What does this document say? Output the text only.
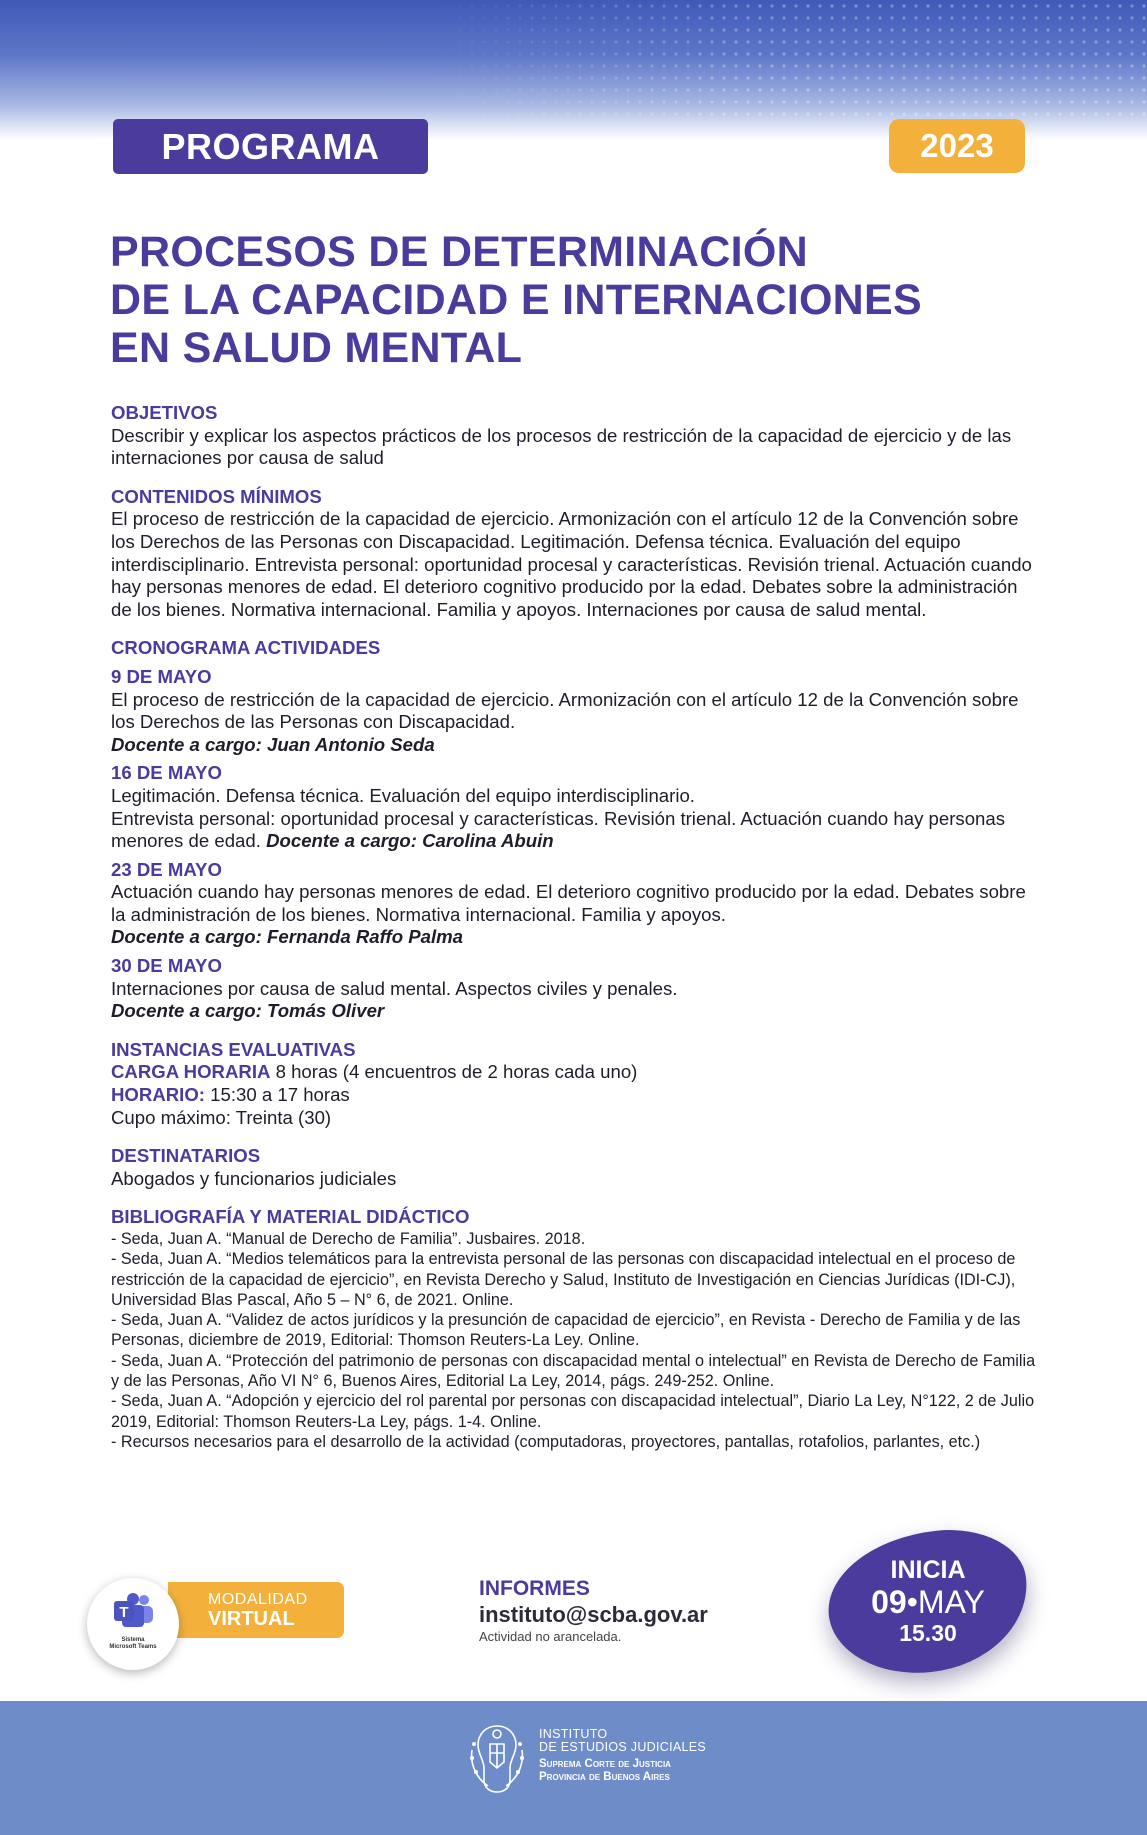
PROGRAMA	2023
PROCESOS DE DETERMINACIÓN
DE LA CAPACIDAD E INTERNACIONES
EN SALUD MENTAL
OBJETIVOS
Describir y explicar los aspectos prácticos de los procesos de restricción de la capacidad de ejercicio y de las internaciones por causa de salud
CONTENIDOS MÍNIMOS
El proceso de restricción de la capacidad de ejercicio. Armonización con el artículo 12 de la Convención sobre los Derechos de las Personas con Discapacidad. Legitimación. Defensa técnica. Evaluación del equipo interdisciplinario. Entrevista personal: oportunidad procesal y características. Revisión trienal. Actuación cuando hay personas menores de edad. El deterioro cognitivo producido por la edad. Debates sobre la administración de los bienes. Normativa internacional. Familia y apoyos. Internaciones por causa de salud mental.
CRONOGRAMA ACTIVIDADES
9 DE MAYO
El proceso de restricción de la capacidad de ejercicio. Armonización con el artículo 12 de la Convención sobre los Derechos de las Personas con Discapacidad.
Docente a cargo: Juan Antonio Seda
16 DE MAYO
Legitimación. Defensa técnica. Evaluación del equipo interdisciplinario.
Entrevista personal: oportunidad procesal y características. Revisión trienal. Actuación cuando hay personas menores de edad. Docente a cargo: Carolina Abuin
23 DE MAYO
Actuación cuando hay personas menores de edad. El deterioro cognitivo producido por la edad. Debates sobre la administración de los bienes. Normativa internacional. Familia y apoyos.
Docente a cargo: Fernanda Raffo Palma
30 DE MAYO
Internaciones por causa de salud mental. Aspectos civiles y penales.
Docente a cargo: Tomás Oliver
INSTANCIAS EVALUATIVAS
CARGA HORARIA 8 horas (4 encuentros de 2 horas cada uno)
HORARIO: 15:30 a 17 horas
Cupo máximo: Treinta (30)
DESTINATARIOS
Abogados y funcionarios judiciales
BIBLIOGRAFÍA Y MATERIAL DIDÁCTICO
- Seda, Juan A. “Manual de Derecho de Familia”. Jusbaires. 2018.
- Seda, Juan A. “Medios telemáticos para la entrevista personal de las personas con discapacidad intelectual en el proceso de restricción de la capacidad de ejercicio”, en Revista Derecho y Salud, Instituto de Investigación en Ciencias Jurídicas (IDI-CJ), Universidad Blas Pascal, Año 5 – N° 6, de 2021. Online.
- Seda, Juan A. “Validez de actos jurídicos y la presunción de capacidad de ejercicio”, en Revista - Derecho de Familia y de las Personas, diciembre de 2019, Editorial: Thomson Reuters-La Ley. Online.
- Seda, Juan A. “Protección del patrimonio de personas con discapacidad mental o intelectual” en Revista de Derecho de Familia y de las Personas, Año VI N° 6, Buenos Aires, Editorial La Ley, 2014, págs. 249-252. Online.
- Seda, Juan A. “Adopción y ejercicio del rol parental por personas con discapacidad intelectual”, Diario La Ley, N°122, 2 de Julio 2019, Editorial: Thomson Reuters-La Ley, págs. 1-4. Online.
- Recursos necesarios para el desarrollo de la actividad (computadoras, proyectores, pantallas, rotafolios, parlantes, etc.)
MODALIDAD
VIRTUAL
T
Sistema
Microsoft Teams
INFORMES
instituto@scba.gov.ar
Actividad no arancelada.
INICIA
09•MAY
15.30
INSTITUTO
DE ESTUDIOS JUDICIALES
Suprema Corte de Justicia
Provincia de Buenos Aires
